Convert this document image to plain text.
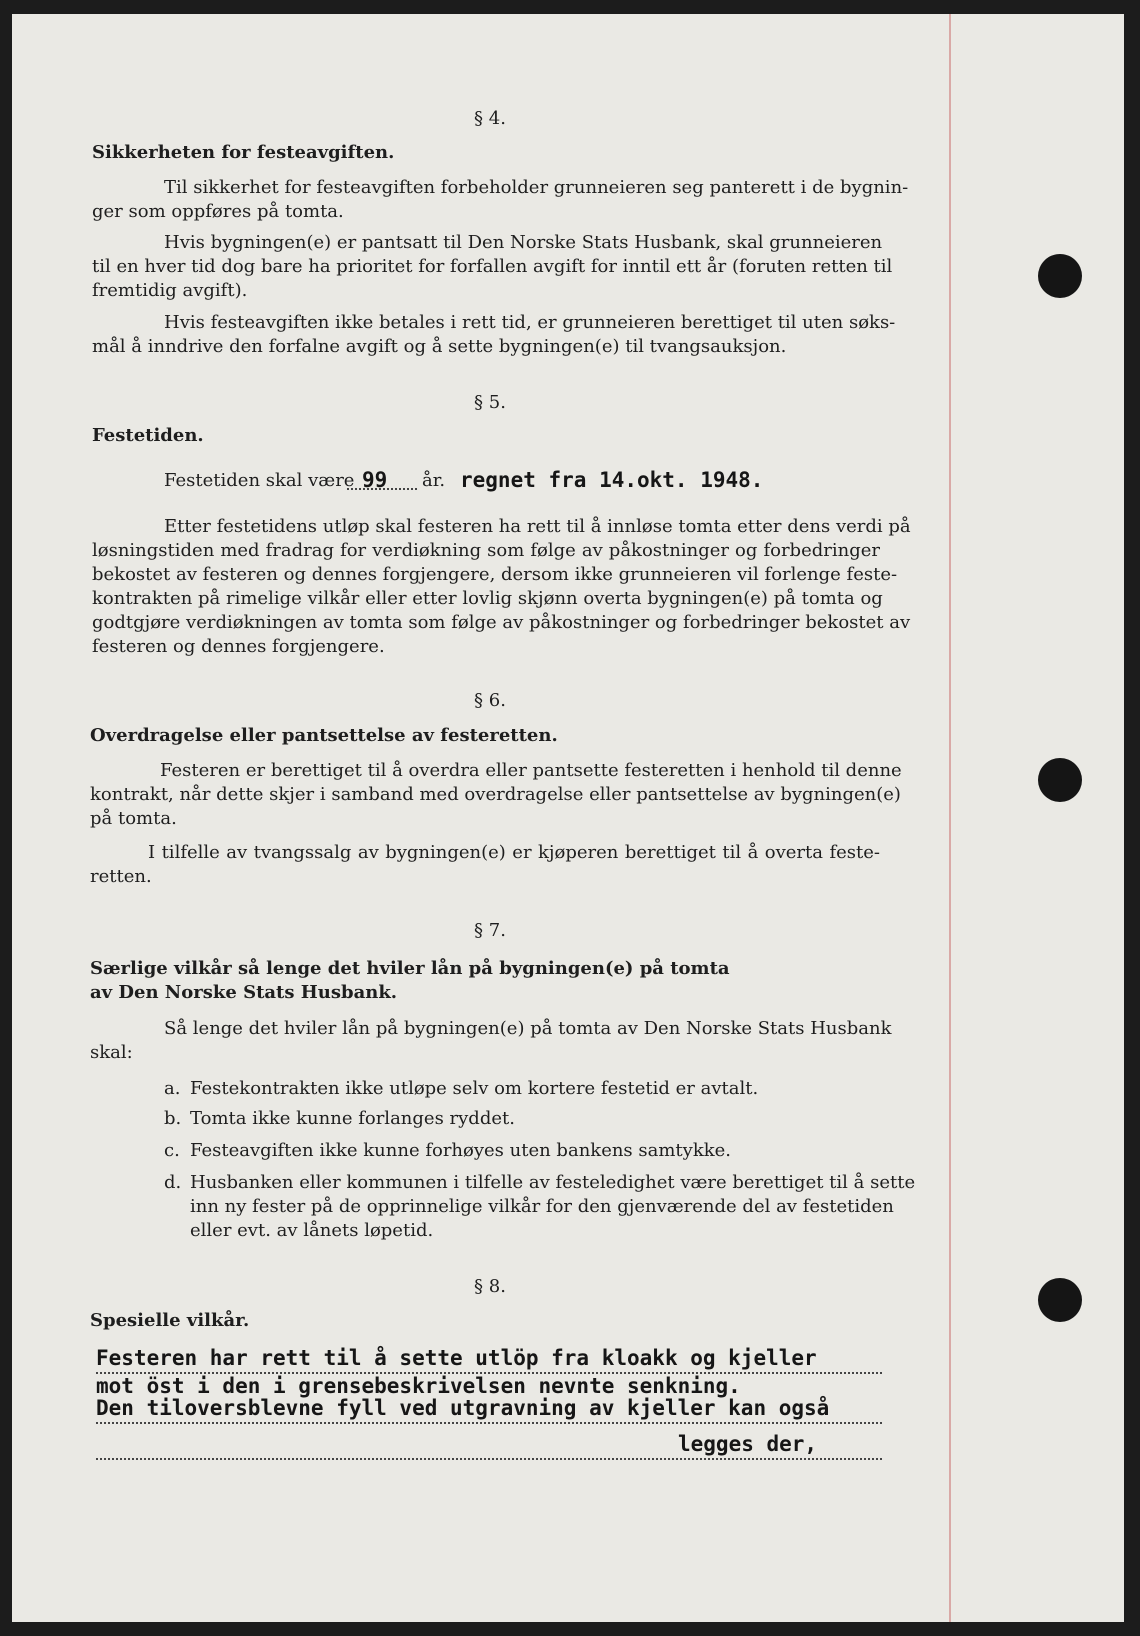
§ 4.
Sikkerheten for festeavgiften.
Til sikkerhet for festeavgiften forbeholder grunneieren seg panterett i de bygnin-
ger som oppføres på tomta.
Hvis bygningen(e) er pantsatt til Den Norske Stats Husbank, skal grunneieren
til en hver tid dog bare ha prioritet for forfallen avgift for inntil ett år (foruten retten til
fremtidig avgift).
Hvis festeavgiften ikke betales i rett tid, er grunneieren berettiget til uten søks-
mål å inndrive den forfalne avgift og å sette bygningen(e) til tvangsauksjon.
§ 5.
Festetiden.
Festetiden skal være 99 år. regnet fra 14.okt. 1948.
Etter festetidens utløp skal festeren ha rett til å innløse tomta etter dens verdi på
løsningstiden med fradrag for verdiøkning som følge av påkostninger og forbedringer
bekostet av festeren og dennes forgjengere, dersom ikke grunneieren vil forlenge feste-
kontrakten på rimelige vilkår eller etter lovlig skjønn overta bygningen(e) på tomta og
godtgjøre verdiøkningen av tomta som følge av påkostninger og forbedringer bekostet av
festeren og dennes forgjengere.
§ 6.
Overdragelse eller pantsettelse av festeretten.
Festeren er berettiget til å overdra eller pantsette festeretten i henhold til denne
kontrakt, når dette skjer i samband med overdragelse eller pantsettelse av bygningen(e)
på tomta.
I tilfelle av tvangssalg av bygningen(e) er kjøperen berettiget til å overta feste-
retten.
§ 7.
Særlige vilkår så lenge det hviler lån på bygningen(e) på tomta
av Den Norske Stats Husbank.
Så lenge det hviler lån på bygningen(e) på tomta av Den Norske Stats Husbank
skal:
a. Festekontrakten ikke utløpe selv om kortere festetid er avtalt.
b. Tomta ikke kunne forlanges ryddet.
c. Festeavgiften ikke kunne forhøyes uten bankens samtykke.
d. Husbanken eller kommunen i tilfelle av festeledighet være berettiget til å sette
inn ny fester på de opprinnelige vilkår for den gjenværende del av festetiden
eller evt. av lånets løpetid.
§ 8.
Spesielle vilkår.
Festeren har rett til å sette utlöp fra kloakk og kjeller
mot öst i den i grensebeskrivelsen nevnte senkning.
Den tiloversblevne fyll ved utgravning av kjeller kan også
legges der,
